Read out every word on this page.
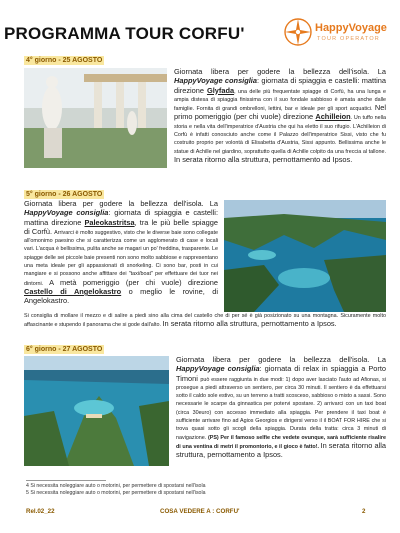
PROGRAMMA TOUR CORFU'	HappyVoyage
TOUR OPERATOR
4° giorno - 25 AGOSTO
Giornata libera per godere la bellezza dell'isola. La HappyVoyage consiglia: giornata di spiaggia e castelli: mattina direzione Glyfada, una delle più frequentate spiagge di Corfù, ha una lunga e ampia distesa di spiaggia finissima con il suo fondale sabbioso è amata anche dalle famiglie. Fornita di grandi ombrelloni, lettini, bar e ideale per gli sport acquatici. Nel primo pomeriggio (per chi vuole) direzione Achilleion. Un tuffo nella storia e nella vita dell'imperatrice d'Austria che qui ha eletto il suo rifugio. L'Achilleion di Corfù è infatti conosciuto anche come il Palazzo dell'imperatrice Sissi, visto che fu costruito proprio per volontà di Elisabetta d'Austria, Sissi appunto. Bellissima anche le statue di Achille nel giardino, soprattutto quella di Achille colpito da una freccia al tallone. In serata ritorno alla struttura, pernottamento ad Ipsos.
5° giorno - 26 AGOSTO
Giornata libera per godere la bellezza dell'isola. La HappyVoyage consiglia: giornata di spiaggia e castelli: mattina direzione Paleokastritsa, tra le più belle spiagge di Corfù. Arrivarci è molto suggestivo, visto che le diverse baie sono collegate all'omonimo paesino che si caratterizza come un agglomerato di case e locali vari. L'acqua è bellissima, pulita anche se magari un po' freddina, trasparente. Le spiagge delle sei piccole baie presenti non sono molto sabbiose e rappresentano una meta ideale per gli appassionati di snorkeling. Ci sono bar, posti in cui mangiare e si possono anche affittare dei "taxi/boat" per effettuare dei tuor nei dintorni. A metà pomeriggio (per chi vuole) direzione Castello di Angelokastro o meglio le rovine, di Angelokastro.
Si consiglia di mollare il mezzo e di salire a piedi sino alla cima del castello che di per sé è già posizionato su una montagna. Sicuramente molto affascinante e stupendo il panorama che si gode dall'alto. In serata ritorno alla struttura, pernottamento a Ipsos.
6° giorno - 27 AGOSTO
Giornata libera per godere la bellezza dell'isola. La HappyVoyage consiglia: giornata di relax in spiaggia a Porto Timoni può essere raggiunta in due modi: 1) dopo aver lasciato l'auto ad Afionas, si prosegue a piedi attraverso un sentiero, per circa 30 minuti. Il sentiero è da effettuarsi sotto il caldo sole estivo, su un terreno a tratti scosceso, sabbioso o misto a sassi. Sono necessarie le scarpe da ginnastica per potervi spostare. 2) arrivarci con un taxi boat (circa 30euro) con accesso immediato alla spiaggia. Per prendere il taxi boat è sufficiente arrivare fino ad Agios Georgios e dirigersi verso il il BOAT FOR HIRE che si trova quasi sotto gli scogli della spiaggia. Durata della tratta: circa 3 minuti di navigazione. (PS) Per il famoso selfie che vedete ovunque, sarà sufficiente risalire di una ventina di metri il promontorio, e il gioco è fatto!. In serata ritorno alla struttura, pernottamento a Ipsos.
4 Si necessita noleggiare auto o motorini, per permettere di spostarsi nell'isola
5 Si necessita noleggiare auto o motorini, per permettere di spostarsi nell'isola
Rel.02_22	COSA VEDERE A : CORFU'	2
